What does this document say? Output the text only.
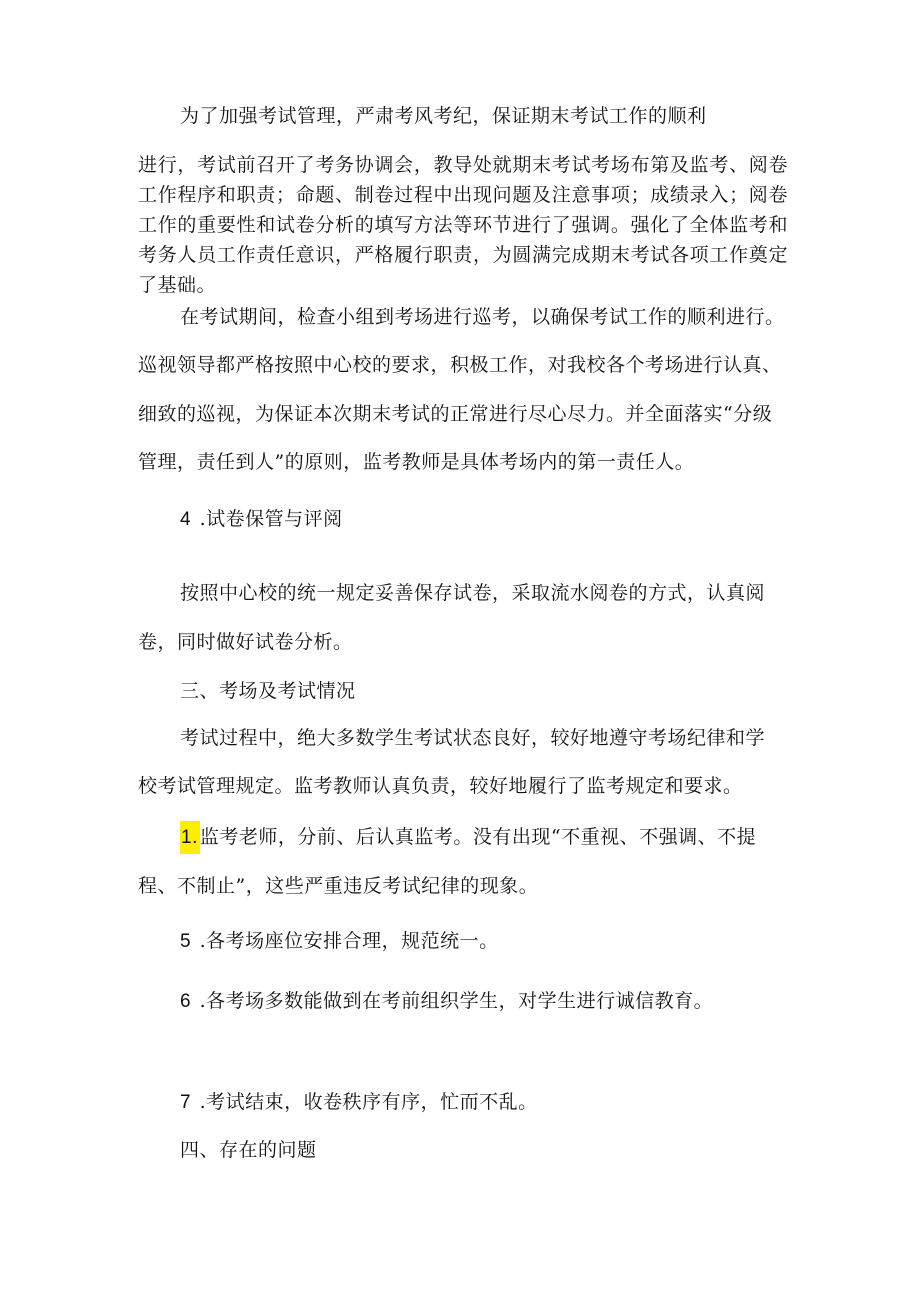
为了加强考试管理，严肃考风考纪，保证期末考试工作的顺利
进行，考试前召开了考务协调会，教导处就期末考试考场布第及监考、阅卷工作程序和职责；命题、制卷过程中出现问题及注意事项；成绩录入；阅卷工作的重要性和试卷分析的填写方法等环节进行了强调。强化了全体监考和考务人员工作责任意识，严格履行职责，为圆满完成期末考试各项工作奠定了基础。
在考试期间，检查小组到考场进行巡考，以确保考试工作的顺利进行。
巡视领导都严格按照中心校的要求，积极工作，对我校各个考场进行认真、
细致的巡视，为保证本次期末考试的正常进行尽心尽力。并全面落实“分级
管理，责任到人”的原则，监考教师是具体考场内的第一责任人。
4 .试卷保管与评阅
按照中心校的统一规定妥善保存试卷，采取流水阅卷的方式，认真阅
卷，同时做好试卷分析。
三、考场及考试情况
考试过程中，绝大多数学生考试状态良好，较好地遵守考场纪律和学
校考试管理规定。监考教师认真负责，较好地履行了监考规定和要求。
1. 监考老师，分前、后认真监考。没有出现“不重视、不强调、不提
程、不制止”，这些严重违反考试纪律的现象。
5 .各考场座位安排合理，规范统一。
6 .各考场多数能做到在考前组织学生，对学生进行诚信教育。
7 .考试结束，收卷秩序有序，忙而不乱。
四、存在的问题
